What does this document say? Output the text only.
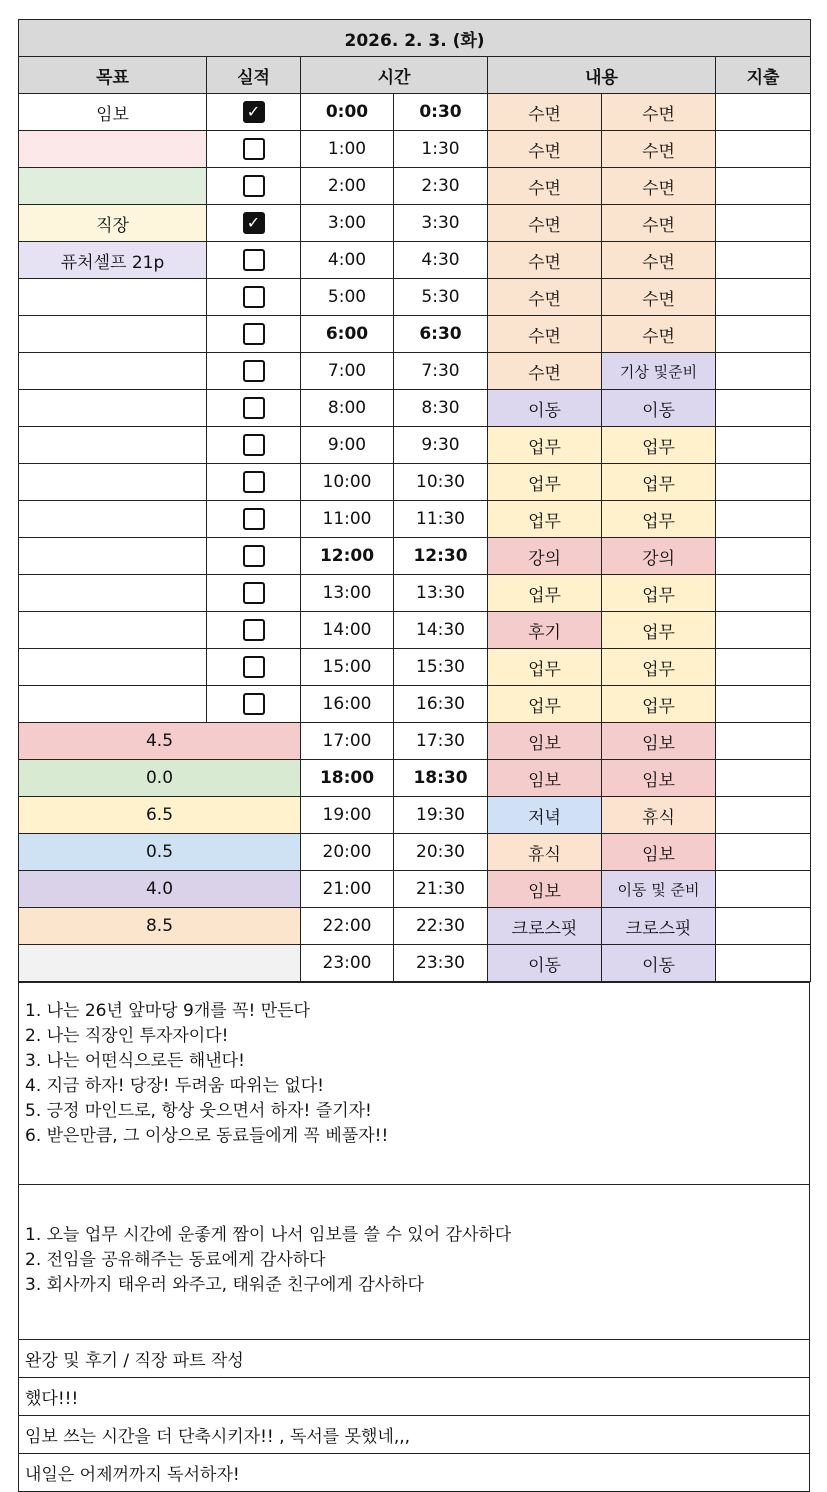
2026. 2. 3. (화)						
목표	실적	시간		내용		지출
임보	✓	0:00	0:30	수면	수면	
		1:00	1:30	수면	수면	
		2:00	2:30	수면	수면	
직장	✓	3:00	3:30	수면	수면	
퓨처셀프 21p		4:00	4:30	수면	수면	
		5:00	5:30	수면	수면	
		6:00	6:30	수면	수면	
		7:00	7:30	수면	기상 및준비	
		8:00	8:30	이동	이동	
		9:00	9:30	업무	업무	
		10:00	10:30	업무	업무	
		11:00	11:30	업무	업무	
		12:00	12:30	강의	강의	
		13:00	13:30	업무	업무	
		14:00	14:30	후기	업무	
		15:00	15:30	업무	업무	
		16:00	16:30	업무	업무	
4.5		17:00	17:30	임보	임보	
0.0		18:00	18:30	임보	임보	
6.5		19:00	19:30	저녁	휴식	
0.5		20:00	20:30	휴식	임보	
4.0		21:00	21:30	임보	이동 및 준비	
8.5		22:00	22:30	크로스핏	크로스핏	
		23:00	23:30	이동	이동	
1. 나는 26년 앞마당 9개를 꼭! 만든다
2. 나는 직장인 투자자이다!
3. 나는 어떤식으로든 해낸다!
4. 지금 하자! 당장! 두려움 따위는 없다!
5. 긍정 마인드로, 항상 웃으면서 하자! 즐기자!
6. 받은만큼, 그 이상으로 동료들에게 꼭 베풀자!!

1. 오늘 업무 시간에 운좋게 짬이 나서 임보를 쓸 수 있어 감사하다
2. 전임을 공유해주는 동료에게 감사하다
3. 회사까지 태우러 와주고, 태워준 친구에게 감사하다

완강 및 후기 / 직장 파트 작성
했다!!!
임보 쓰는 시간을 더 단축시키자!! , 독서를 못했네,,,
내일은 어제꺼까지 독서하자!
